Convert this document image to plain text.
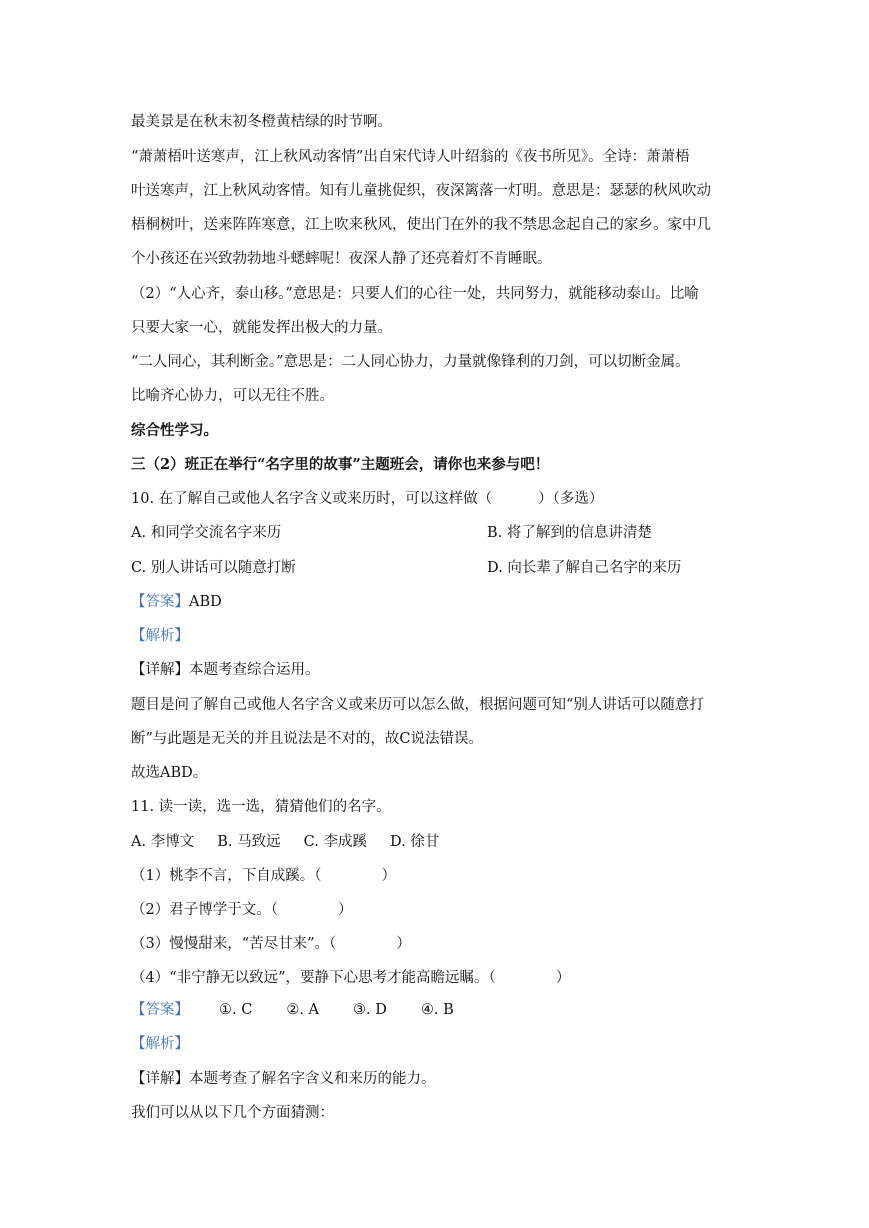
最美景是在秋末初冬橙黄桔绿的时节啊。
“萧萧梧叶送寒声，江上秋风动客情”出自宋代诗人叶绍翁的《夜书所见》。全诗：萧萧梧
叶送寒声，江上秋风动客情。知有儿童挑促织，夜深篱落一灯明。意思是：瑟瑟的秋风吹动
梧桐树叶，送来阵阵寒意，江上吹来秋风，使出门在外的我不禁思念起自己的家乡。家中几
个小孩还在兴致勃勃地斗蟋蟀呢！夜深人静了还亮着灯不肯睡眠。
（2）“人心齐，泰山移。”意思是：只要人们的心往一处，共同努力，就能移动泰山。比喻
只要大家一心，就能发挥出极大的力量。
“二人同心，其利断金。”意思是：二人同心协力，力量就像锋利的刀剑，可以切断金属。
比喻齐心协力，可以无往不胜。
综合性学习。
三（2）班正在举行“名字里的故事”主题班会，请你也来参与吧！
10. 在了解自己或他人名字含义或来历时，可以这样做（	）（多选）
A. 和同学交流名字来历	B. 将了解到的信息讲清楚
C. 别人讲话可以随意打断	D. 向长辈了解自己名字的来历
【答案】ABD
【解析】
【详解】本题考查综合运用。
题目是问了解自己或他人名字含义或来历可以怎么做，根据问题可知“别人讲话可以随意打
断”与此题是无关的并且说法是不对的，故C说法错误。
故选ABD。
11. 读一读，选一选，猜猜他们的名字。
A. 李博文     B. 马致远     C. 李成蹊     D. 徐甘
（1）桃李不言，下自成蹊。（	）
（2）君子博学于文。（	）
（3）慢慢甜来，“苦尽甘来”。（	）
（4）“非宁静无以致远”，要静下心思考才能高瞻远瞩。（	）
【答案】 ①. C ②. A ③. D ④. B
【解析】
【详解】本题考查了解名字含义和来历的能力。
我们可以从以下几个方面猜测：
